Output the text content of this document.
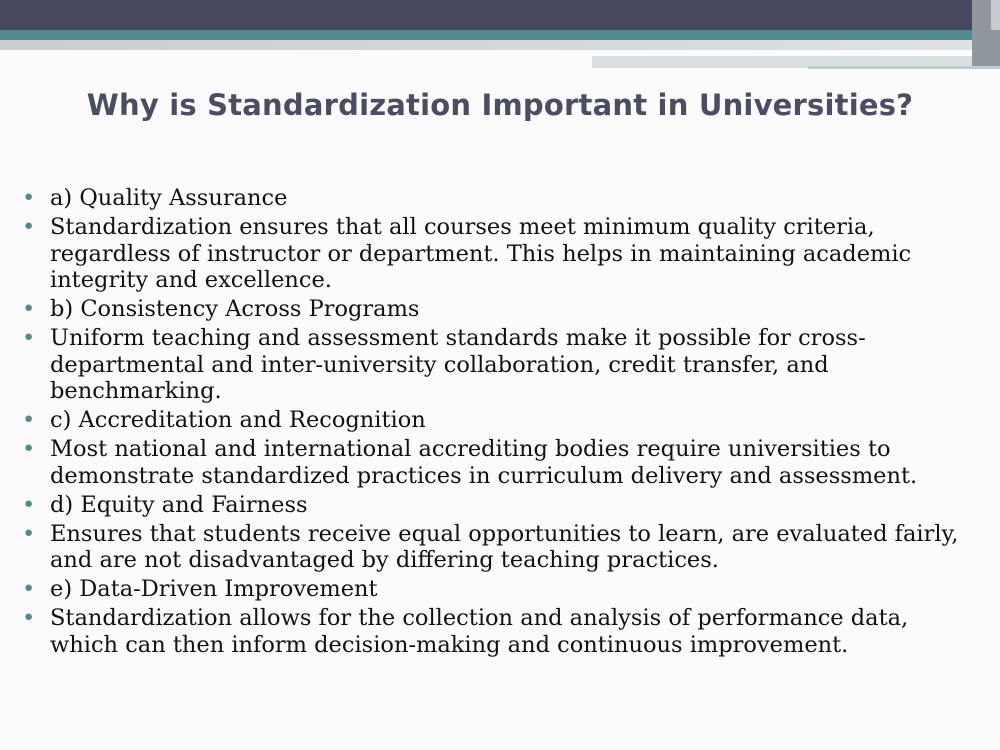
Why is Standardization Important in Universities?
• a) Quality Assurance
• Standardization ensures that all courses meet minimum quality criteria, regardless of instructor or department. This helps in maintaining academic integrity and excellence.
• b) Consistency Across Programs
• Uniform teaching and assessment standards make it possible for cross-departmental and inter-university collaboration, credit transfer, and benchmarking.
• c) Accreditation and Recognition
• Most national and international accrediting bodies require universities to demonstrate standardized practices in curriculum delivery and assessment.
• d) Equity and Fairness
• Ensures that students receive equal opportunities to learn, are evaluated fairly, and are not disadvantaged by differing teaching practices.
• e) Data-Driven Improvement
• Standardization allows for the collection and analysis of performance data, which can then inform decision-making and continuous improvement.
